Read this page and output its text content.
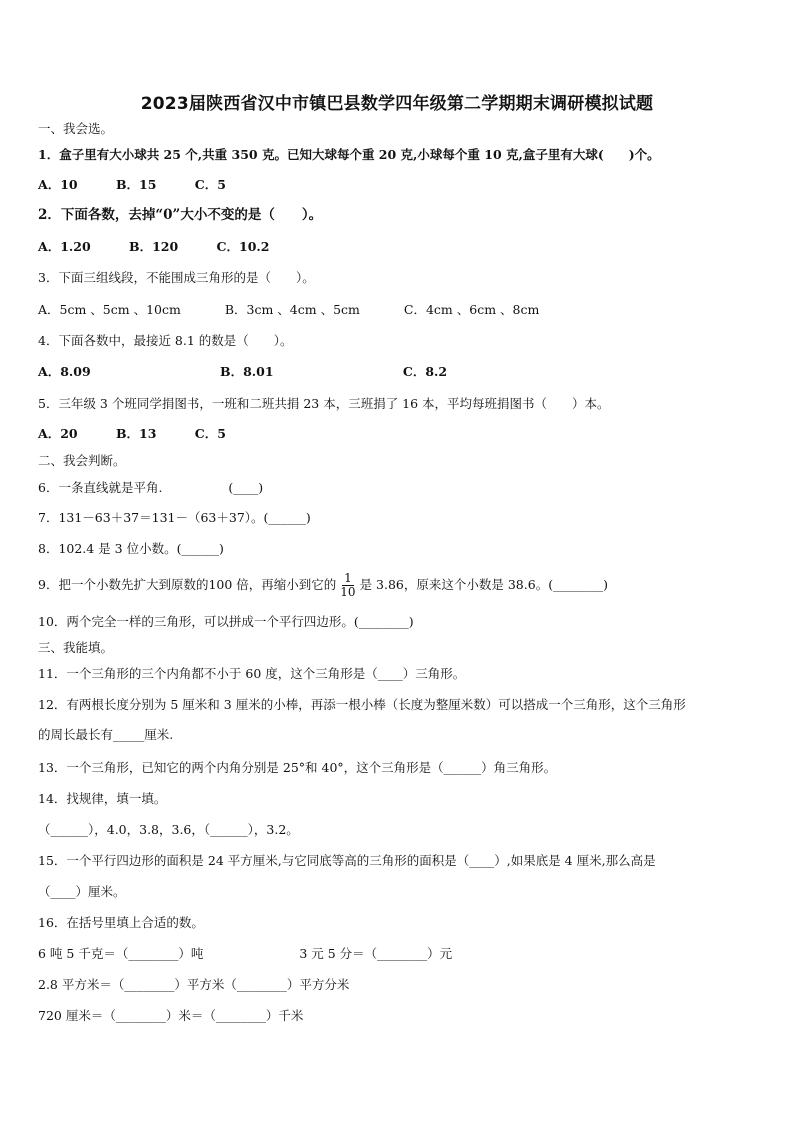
2023届陕西省汉中市镇巴县数学四年级第二学期期末调研模拟试题
一、我会选。
1．盒子里有大小球共 25 个,共重 350 克。已知大球每个重 20 克,小球每个重 10 克,盒子里有大球(　　)个。
A．10	B．15	C．5
2．下面各数，去掉“0”大小不变的是（　　）。
A．1.20	B．120	C．10.2
3．下面三组线段，不能围成三角形的是（　　）。
A．5cm 、5cm 、10cm	B．3cm 、4cm 、5cm	C．4cm 、6cm 、8cm
4．下面各数中，最接近 8.1 的数是（　　）。
A．8.09	B．8.01	C．8.2
5．三年级 3 个班同学捐图书，一班和二班共捐 23 本，三班捐了 16 本，平均每班捐图书（　　）本。
A．20	B．13	C．5
二、我会判断。
6．一条直线就是平角.	(____)
7．131－63＋37＝131－（63＋37）。(______)
8．102.4 是 3 位小数。(______)
9．把一个小数先扩大到原数的100 倍，再缩小到它的 $\frac{1}{10}$ 是 3.86，原来这个小数是 38.6。(________)
10．两个完全一样的三角形，可以拼成一个平行四边形。(________)
三、我能填。
11．一个三角形的三个内角都不小于 60 度，这个三角形是（____）三角形。
12．有两根长度分别为 5 厘米和 3 厘米的小棒，再添一根小棒（长度为整厘米数）可以搭成一个三角形，这个三角形
的周长最长有_____厘米.
13．一个三角形，已知它的两个内角分别是 25°和 40°，这个三角形是（______）角三角形。
14．找规律，填一填。
（______），4.0，3.8，3.6，（______），3.2。
15．一个平行四边形的面积是 24 平方厘米,与它同底等高的三角形的面积是（____）,如果底是 4 厘米,那么高是
（____）厘米。
16．在括号里填上合适的数。
6 吨 5 千克＝（________）吨	3 元 5 分＝（________）元
2.8 平方米＝（________）平方米（________）平方分米
720 厘米＝（________）米＝（________）千米
